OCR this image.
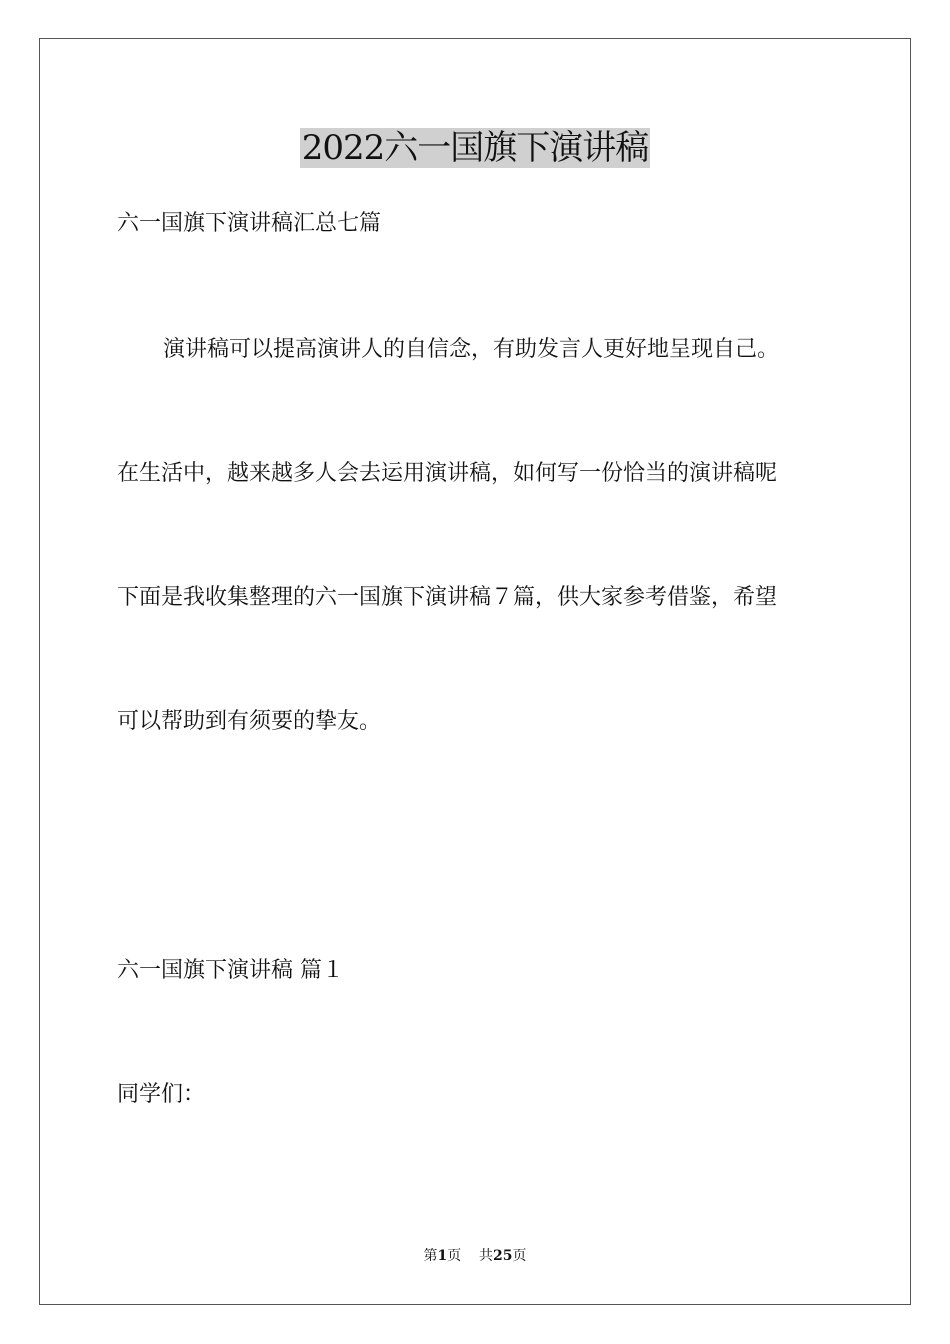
2022六一国旗下演讲稿
六一国旗下演讲稿汇总七篇
演讲稿可以提高演讲人的自信念，有助发言人更好地呈现自己。
在生活中，越来越多人会去运用演讲稿，如何写一份恰当的演讲稿呢
下面是我收集整理的六一国旗下演讲稿７篇，供大家参考借鉴，希望
可以帮助到有须要的挚友。
六一国旗下演讲稿 篇１
同学们：
第1页 共25页
